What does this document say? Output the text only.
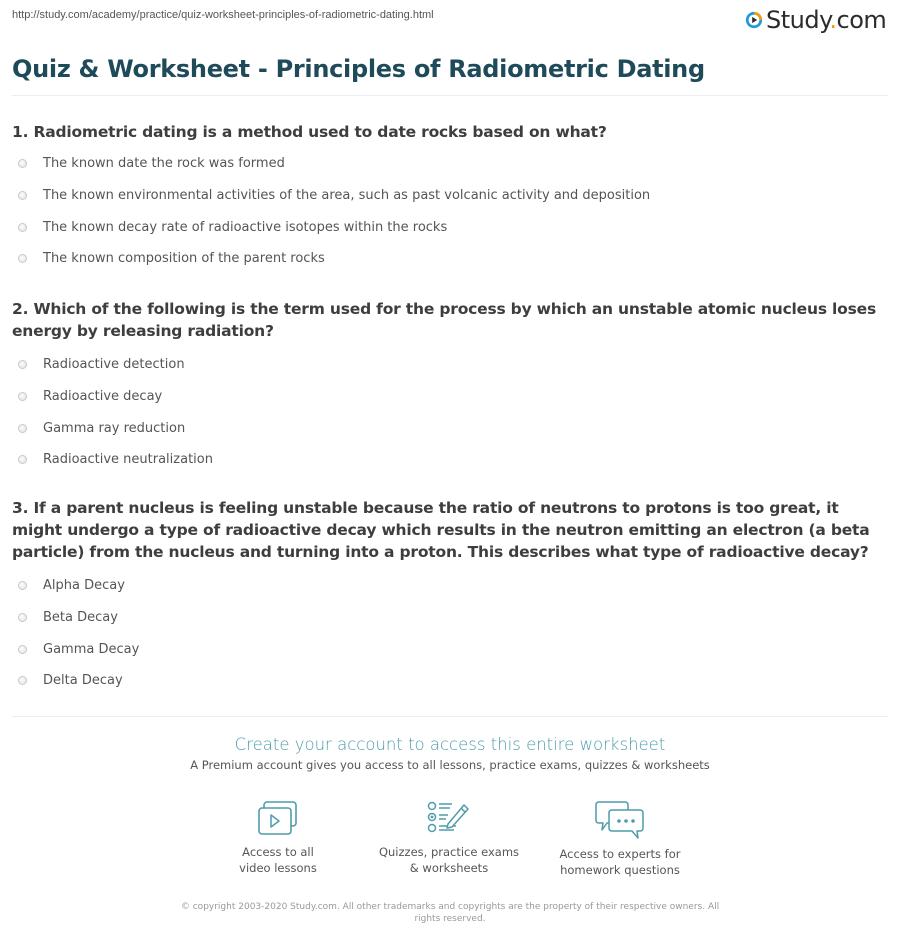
http://study.com/academy/practice/quiz-worksheet-principles-of-radiometric-dating.html	Study.com
Quiz & Worksheet - Principles of Radiometric Dating
1. Radiometric dating is a method used to date rocks based on what?
The known date the rock was formed
The known environmental activities of the area, such as past volcanic activity and deposition
The known decay rate of radioactive isotopes within the rocks
The known composition of the parent rocks
2. Which of the following is the term used for the process by which an unstable atomic nucleus loses energy by releasing radiation?
Radioactive detection
Radioactive decay
Gamma ray reduction
Radioactive neutralization
3. If a parent nucleus is feeling unstable because the ratio of neutrons to protons is too great, it might undergo a type of radioactive decay which results in the neutron emitting an electron (a beta particle) from the nucleus and turning into a proton. This describes what type of radioactive decay?
Alpha Decay
Beta Decay
Gamma Decay
Delta Decay
Create your account to access this entire worksheet
A Premium account gives you access to all lessons, practice exams, quizzes & worksheets
Access to all
video lessons
Quizzes, practice exams
& worksheets
Access to experts for
homework questions
© copyright 2003-2020 Study.com. All other trademarks and copyrights are the property of their respective owners. All rights reserved.
